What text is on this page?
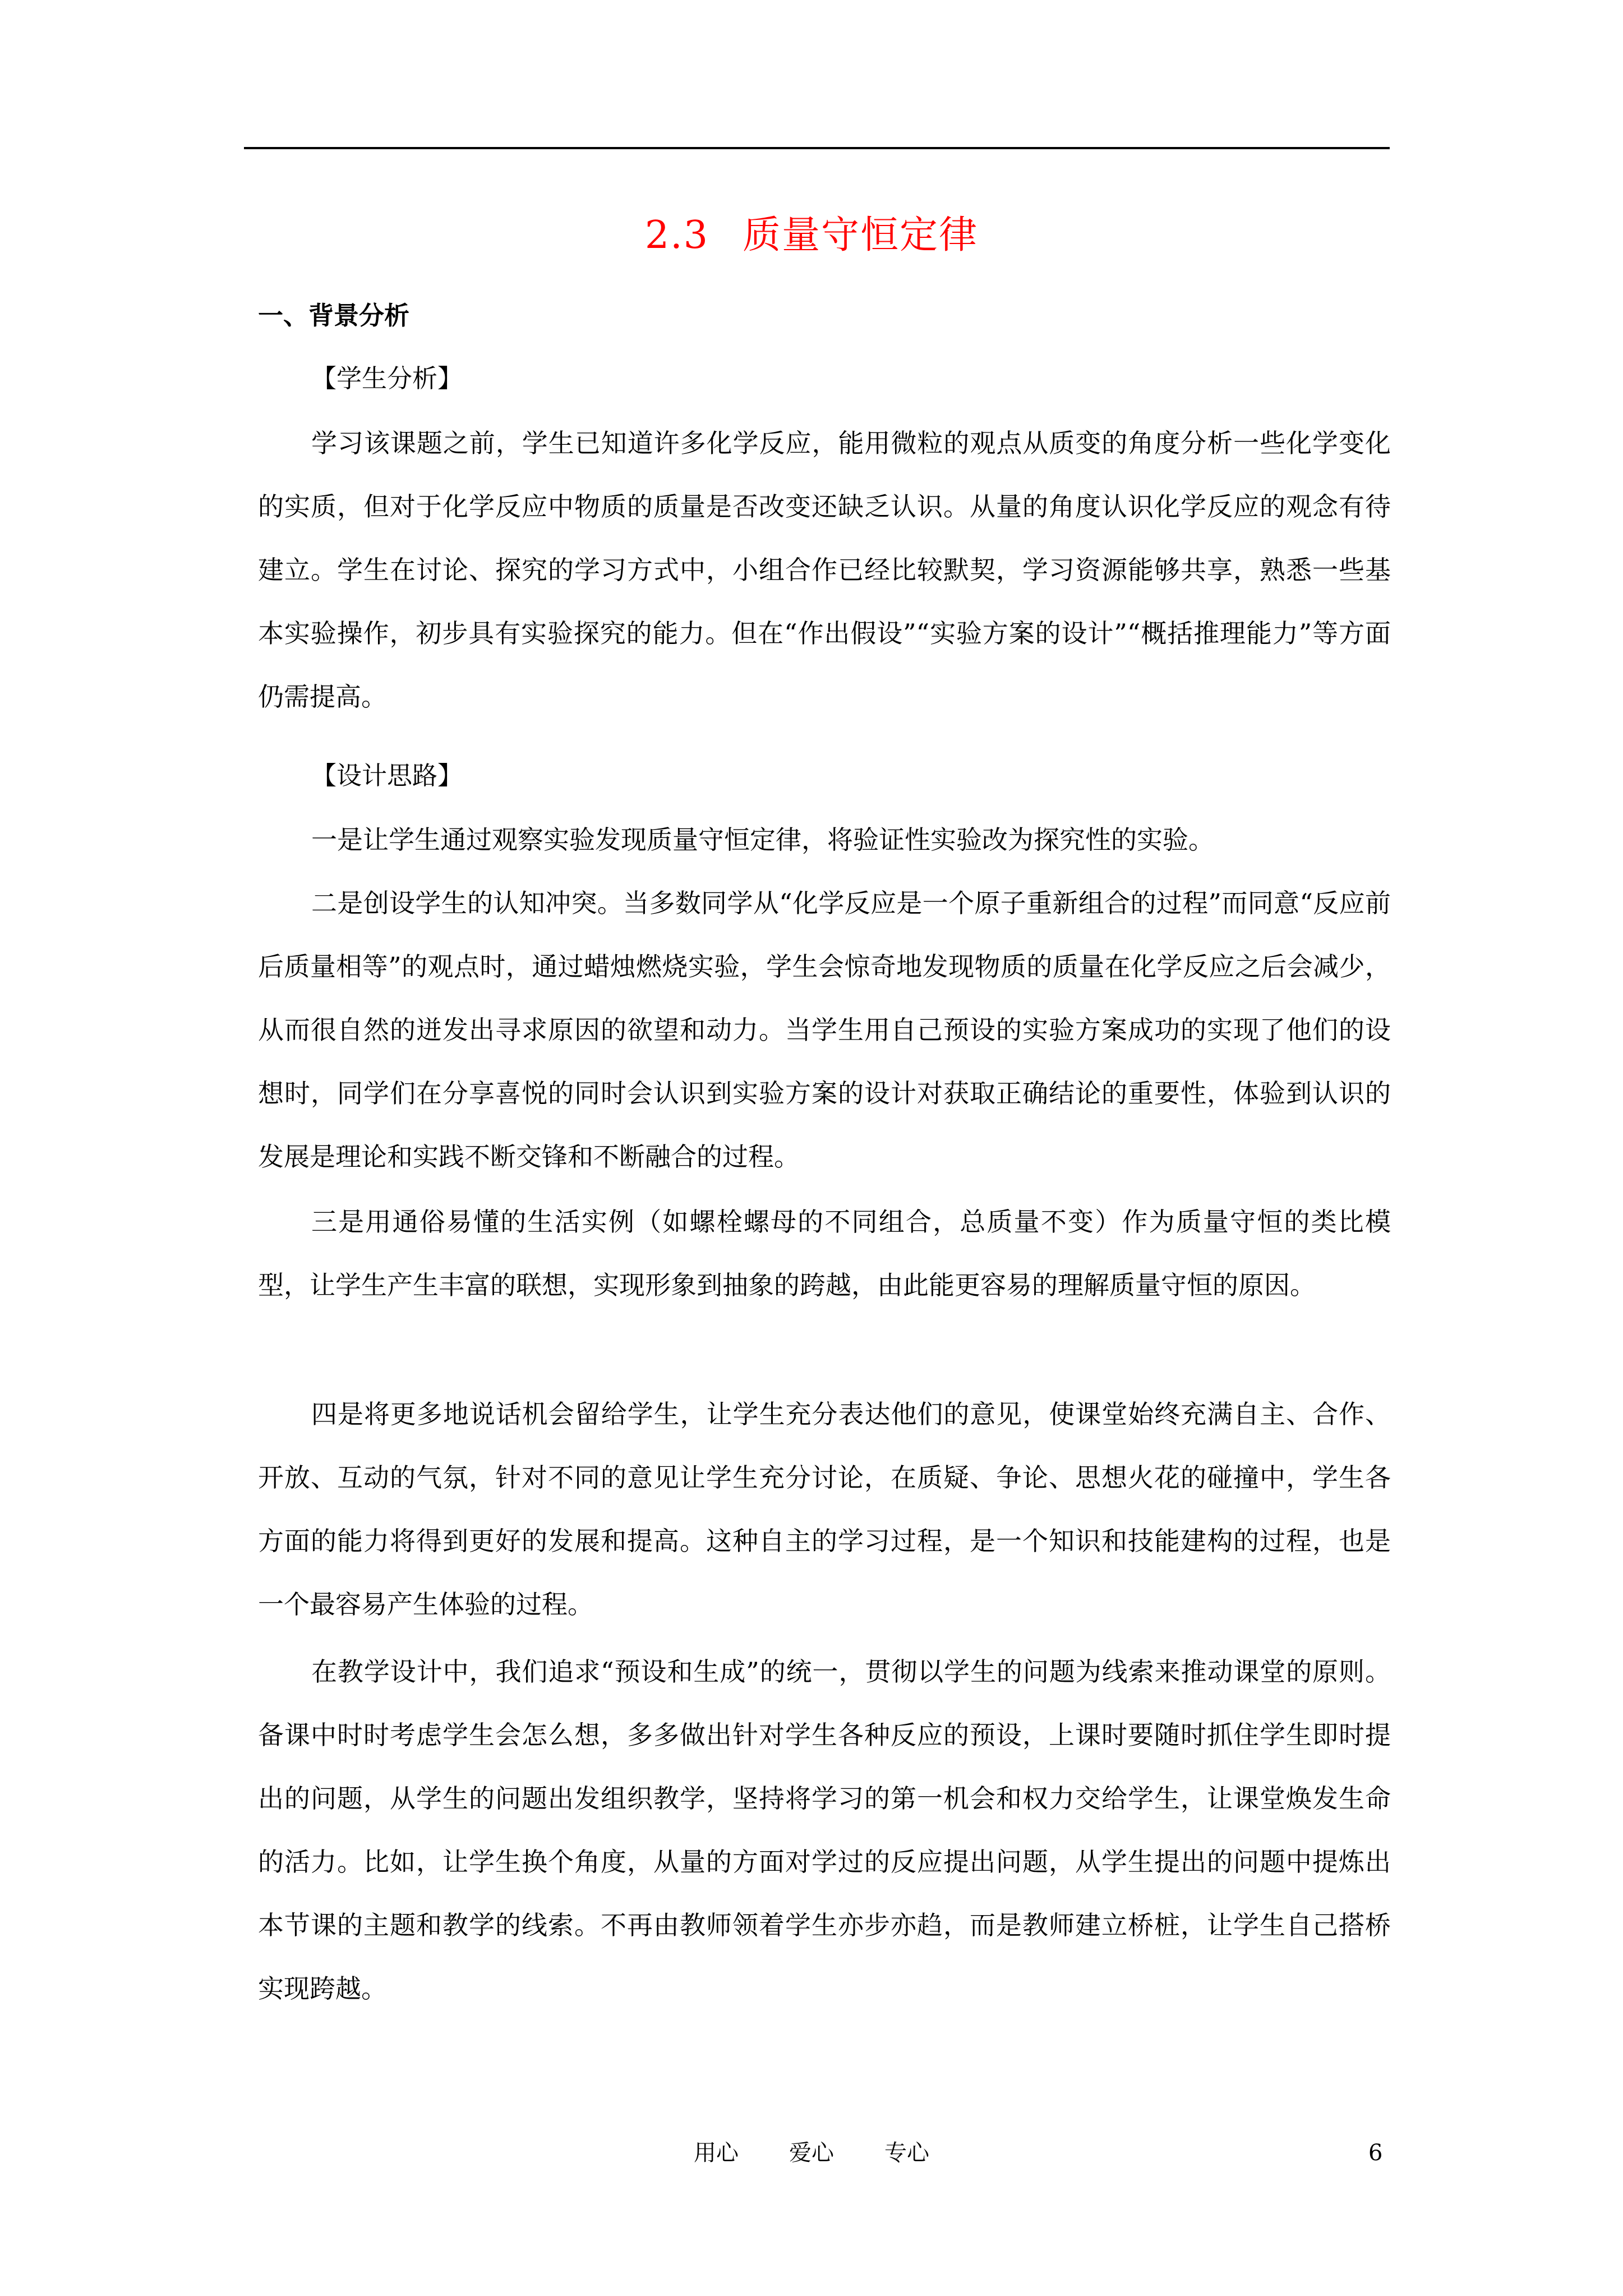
2.3 质量守恒定律
一、背景分析
【学生分析】

学习该课题之前，学生已知道许多化学反应，能用微粒的观点从质变的角度分析一些化学变化的实质，但对于化学反应中物质的质量是否改变还缺乏认识。从量的角度认识化学反应的观念有待建立。学生在讨论、探究的学习方式中，小组合作已经比较默契，学习资源能够共享，熟悉一些基本实验操作，初步具有实验探究的能力。但在“作出假设”“实验方案的设计”“概括推理能力”等方面仍需提高。

【设计思路】

一是让学生通过观察实验发现质量守恒定律，将验证性实验改为探究性的实验。

二是创设学生的认知冲突。当多数同学从“化学反应是一个原子重新组合的过程”而同意“反应前后质量相等”的观点时，通过蜡烛燃烧实验，学生会惊奇地发现物质的质量在化学反应之后会减少，从而很自然的迸发出寻求原因的欲望和动力。当学生用自己预设的实验方案成功的实现了他们的设想时，同学们在分享喜悦的同时会认识到实验方案的设计对获取正确结论的重要性，体验到认识的发展是理论和实践不断交锋和不断融合的过程。

三是用通俗易懂的生活实例（如螺栓螺母的不同组合，总质量不变）作为质量守恒的类比模型，让学生产生丰富的联想，实现形象到抽象的跨越，由此能更容易的理解质量守恒的原因。

四是将更多地说话机会留给学生，让学生充分表达他们的意见，使课堂始终充满自主、合作、开放、互动的气氛，针对不同的意见让学生充分讨论，在质疑、争论、思想火花的碰撞中，学生各方面的能力将得到更好的发展和提高。这种自主的学习过程，是一个知识和技能建构的过程，也是一个最容易产生体验的过程。

在教学设计中，我们追求“预设和生成”的统一，贯彻以学生的问题为线索来推动课堂的原则。备课中时时考虑学生会怎么想，多多做出针对学生各种反应的预设，上课时要随时抓住学生即时提出的问题，从学生的问题出发组织教学，坚持将学习的第一机会和权力交给学生，让课堂焕发生命的活力。比如，让学生换个角度，从量的方面对学过的反应提出问题，从学生提出的问题中提炼出本节课的主题和教学的线索。不再由教师领着学生亦步亦趋，而是教师建立桥桩，让学生自己搭桥实现跨越。

用心 爱心 专心	6
